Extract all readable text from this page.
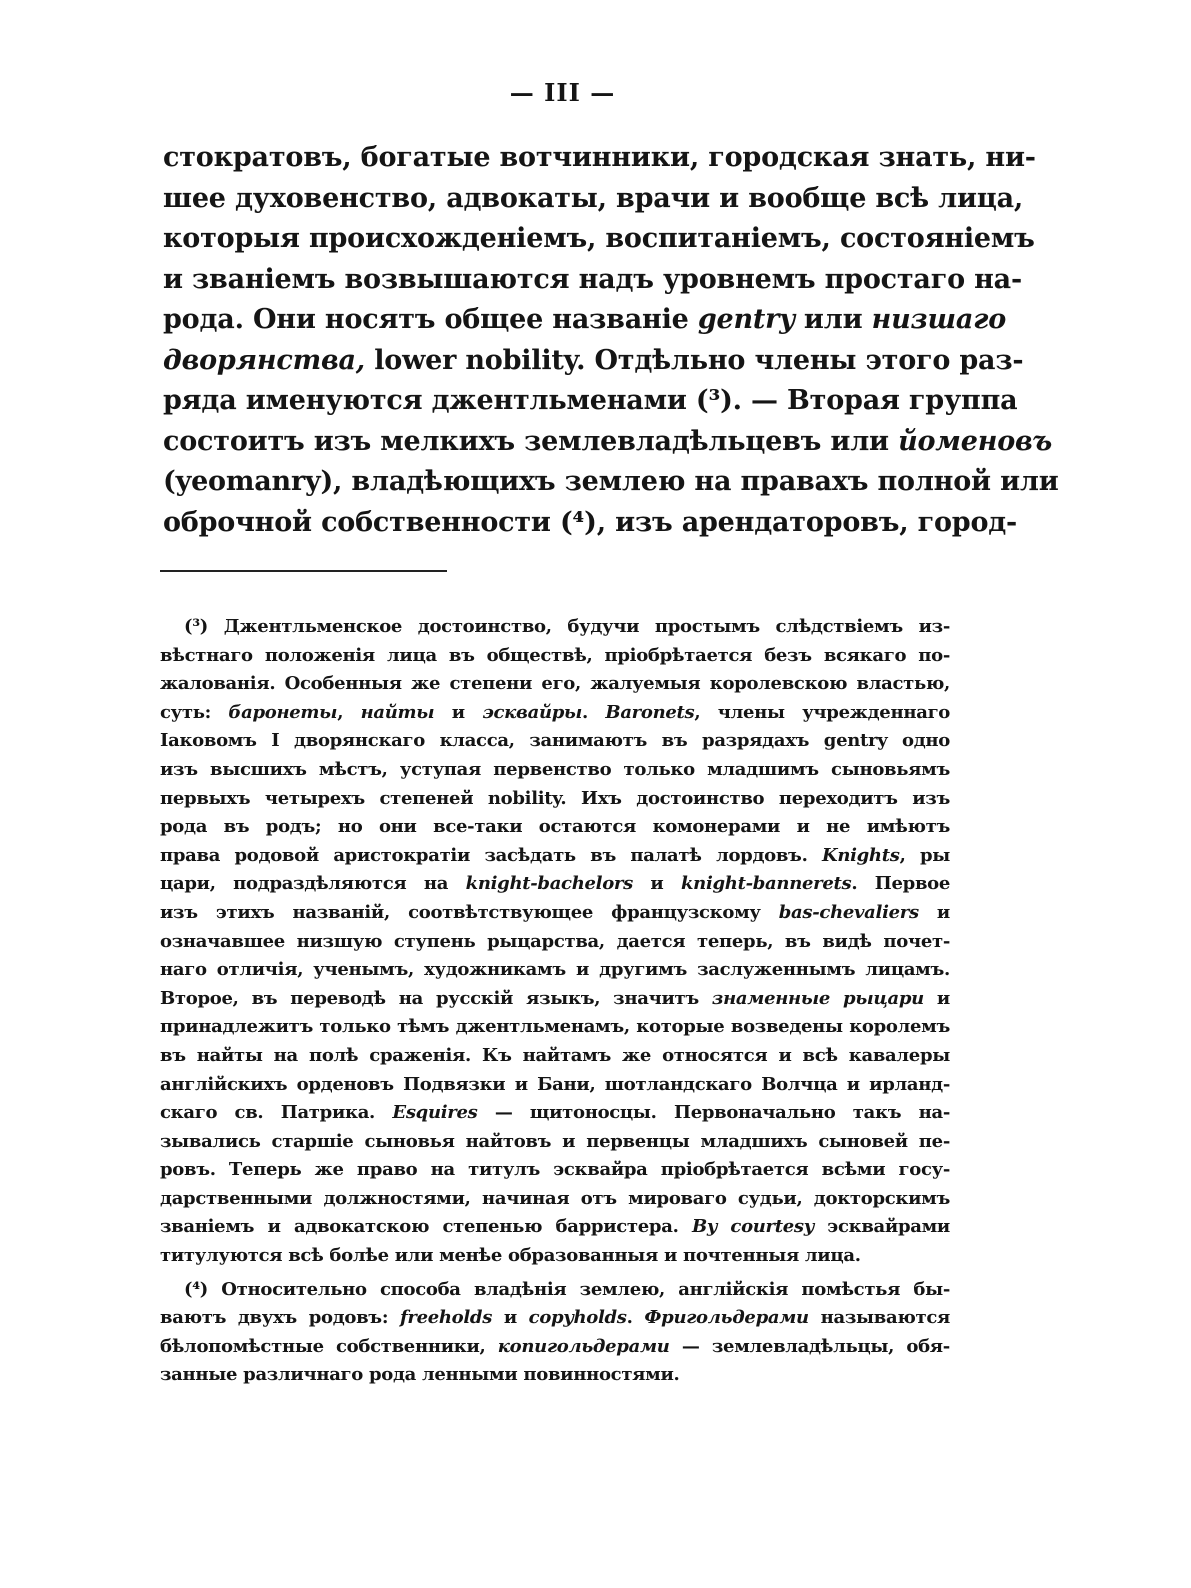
— III —
стократовъ, богатые вотчинники, городская знать, ни-
шее духовенство, адвокаты, врачи и вообще всѣ лица,
которыя происхожденіемъ, воспитаніемъ, состояніемъ
и званіемъ возвышаются надъ уровнемъ простаго на-
рода. Они носятъ общее названіе gentry или низшаго
дворянства, lower nobility. Отдѣльно члены этого раз-
ряда именуются джентльменами (³). — Вторая группа
состоитъ изъ мелкихъ землевладѣльцевъ или йоменовъ
(yeomanry), владѣющихъ землею на правахъ полной или
оброчной собственности (⁴), изъ арендаторовъ, город-
(³) Джентльменское достоинство, будучи простымъ слѣдствіемъ из-
вѣстнаго положенія лица въ обществѣ, пріобрѣтается безъ всякаго по-
жалованія. Особенныя же степени его, жалуемыя королевскою властью,
суть: баронеты, найты и эсквайры. Baronets, члены учрежденнаго
Іаковомъ I дворянскаго класса, занимаютъ въ разрядахъ gentry одно
изъ высшихъ мѣстъ, уступая первенство только младшимъ сыновьямъ
первыхъ четырехъ степеней nobility. Ихъ достоинство переходитъ изъ
рода въ родъ; но они все-таки остаются комонерами и не имѣютъ
права родовой аристократіи засѣдать въ палатѣ лордовъ. Knights, ры
цари, подраздѣляются на knight-bachelors и knight-bannerets. Первое
изъ этихъ названій, соотвѣтствующее французскому bas-chevaliers и
означавшее низшую ступень рыцарства, дается теперь, въ видѣ почет-
наго отличія, ученымъ, художникамъ и другимъ заслуженнымъ лицамъ.
Второе, въ переводѣ на русскій языкъ, значитъ знаменные рыцари и
принадлежитъ только тѣмъ джентльменамъ, которые возведены королемъ
въ найты на полѣ сраженія. Къ найтамъ же относятся и всѣ кавалеры
англійскихъ орденовъ Подвязки и Бани, шотландскаго Волчца и ирланд-
скаго св. Патрика. Esquires — щитоносцы. Первоначально такъ на-
зывались старшіе сыновья найтовъ и первенцы младшихъ сыновей пе-
ровъ. Теперь же право на титулъ эсквайра пріобрѣтается всѣми госу-
дарственными должностями, начиная отъ мироваго судьи, докторскимъ
званіемъ и адвокатскою степенью барристера. By courtesy эсквайрами
титулуются всѣ болѣе или менѣе образованныя и почтенныя лица.
(⁴) Относительно способа владѣнія землею, англійскія помѣстья бы-
ваютъ двухъ родовъ: freeholds и copyholds. Фригольдерами называются
бѣлопомѣстные собственники, копигольдерами — землевладѣльцы, обя-
занные различнаго рода ленными повинностями.
